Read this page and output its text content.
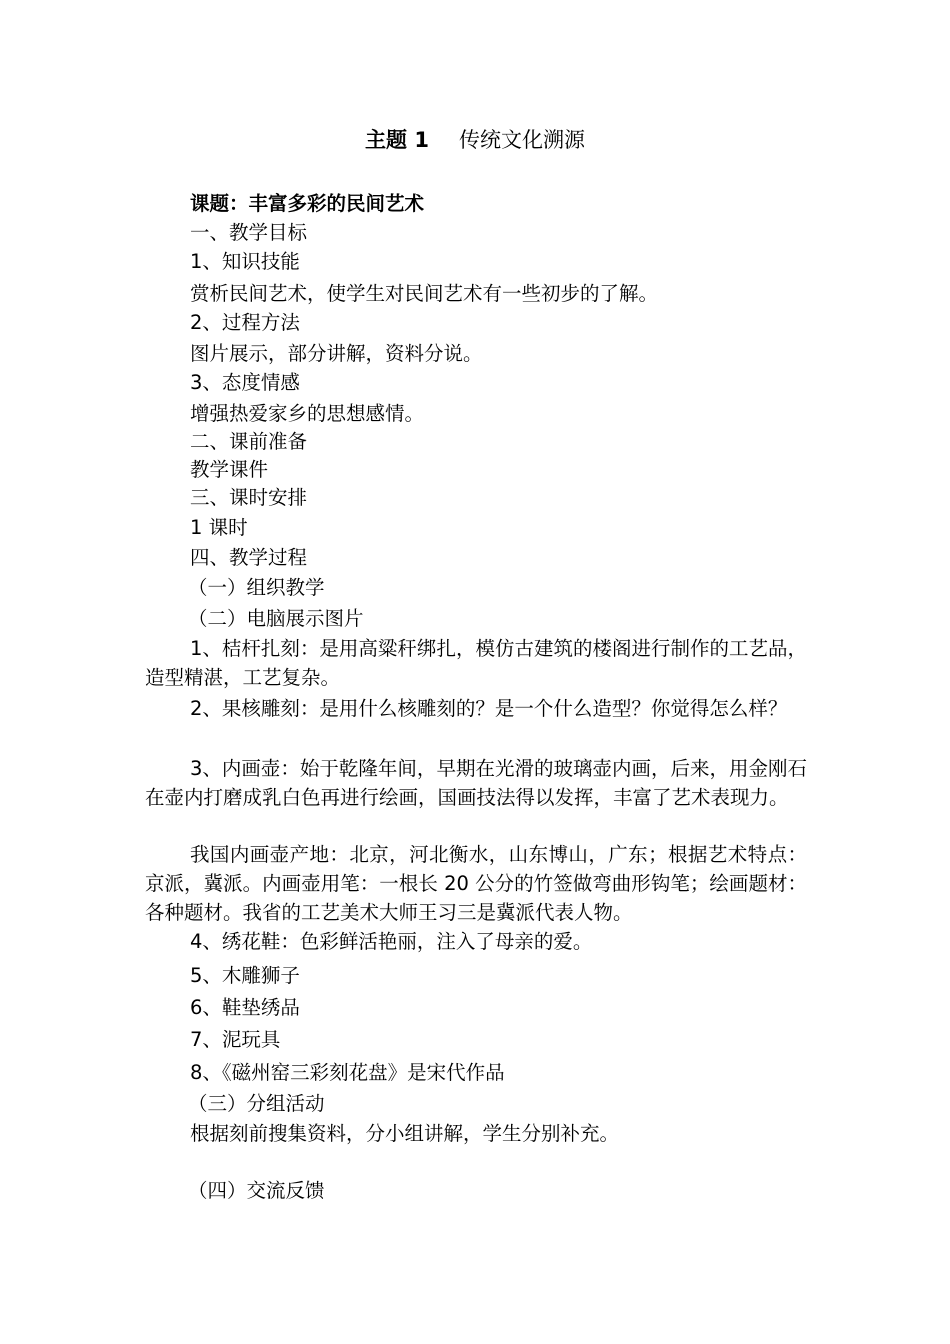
主题 1 传统文化溯源
课题：丰富多彩的民间艺术
一、教学目标
1、知识技能
赏析民间艺术，使学生对民间艺术有一些初步的了解。
2、过程方法
图片展示，部分讲解，资料分说。
3、态度情感
增强热爱家乡的思想感情。
二、课前准备
教学课件
三、课时安排
1 课时
四、教学过程
（一）组织教学
（二）电脑展示图片
1、桔杆扎刻：是用高粱秆绑扎，模仿古建筑的楼阁进行制作的工艺品，造型精湛，工艺复杂。
2、果核雕刻：是用什么核雕刻的？是一个什么造型？你觉得怎么样？
3、内画壶：始于乾隆年间，早期在光滑的玻璃壶内画，后来，用金刚石在壶内打磨成乳白色再进行绘画，国画技法得以发挥，丰富了艺术表现力。
我国内画壶产地：北京，河北衡水，山东博山，广东；根据艺术特点：京派，冀派。内画壶用笔：一根长 20 公分的竹签做弯曲形钩笔；绘画题材：各种题材。我省的工艺美术大师王习三是冀派代表人物。
4、绣花鞋：色彩鲜活艳丽，注入了母亲的爱。
5、木雕狮子
6、鞋垫绣品
7、泥玩具
8、《磁州窑三彩刻花盘》是宋代作品
（三）分组活动
根据刻前搜集资料，分小组讲解，学生分别补充。
（四）交流反馈
